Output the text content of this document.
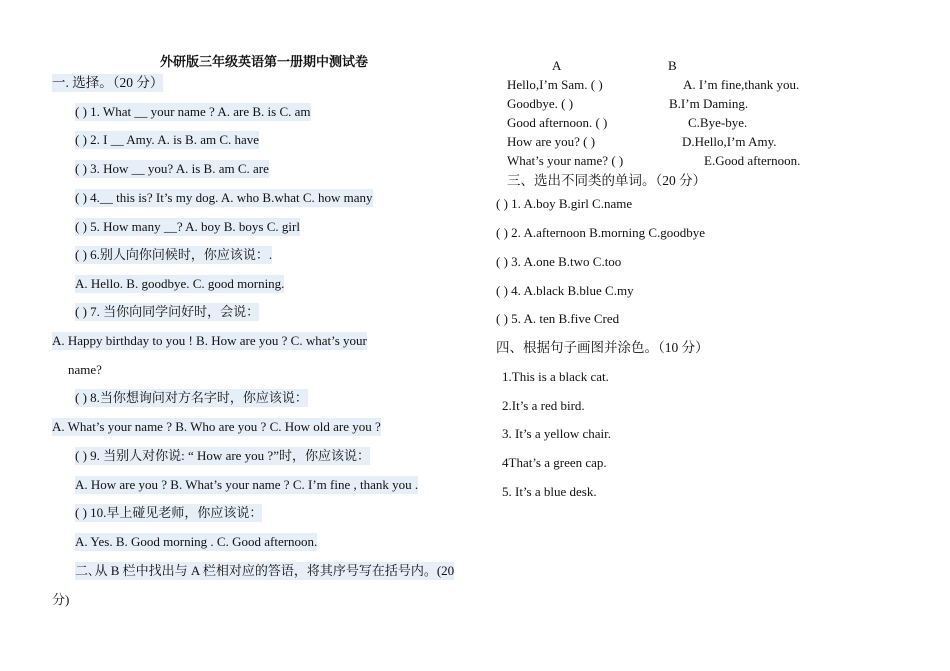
外研版三年级英语第一册期中测试卷
一. 选择。（20 分）
( ) 1. What __ your name ? A. are B. is C. am
( ) 2. I __ Amy. A. is B. am C. have
( ) 3. How __ you? A. is B. am C. are
( ) 4.__ this is? It’s my dog. A. who B.what C. how many
( ) 5. How many __? A. boy B. boys C. girl
( ) 6.别人向你问候时，你应该说：.
A. Hello. B. goodbye. C. good morning.
( ) 7. 当你向同学问好时，会说：
A. Happy birthday to you ! B. How are you ? C. what’s your
name?
( ) 8.当你想询问对方名字时，你应该说：
A. What’s your name ? B. Who are you ? C. How old are you ?
( ) 9. 当别人对你说: “ How are you ?”时，你应该说：
A. How are you ? B. What’s your name ? C. I’m fine , thank you .
( ) 10.早上碰见老师，你应该说：
A. Yes. B. Good morning . C. Good afternoon.
二､从 B 栏中找出与 A 栏相对应的答语，将其序号写在括号内。(20
分)
A	B
Hello,I’m Sam. ( )	A. I’m fine,thank you.
Goodbye. ( )	B.I’m Daming.
Good afternoon. ( )	C.Bye-bye.
How are you? ( )	D.Hello,I’m Amy.
What’s your name? ( )	E.Good afternoon.
三、选出不同类的单词。（20 分）
( ) 1. A.boy B.girl C.name
( ) 2. A.afternoon B.morning C.goodbye
( ) 3. A.one B.two C.too
( ) 4. A.black B.blue C.my
( ) 5. A. ten B.five Cred
四、根据句子画图并涂色。（10 分）
1.This is a black cat.
2.It’s a red bird.
3. It’s a yellow chair.
4That’s a green cap.
5. It’s a blue desk.
